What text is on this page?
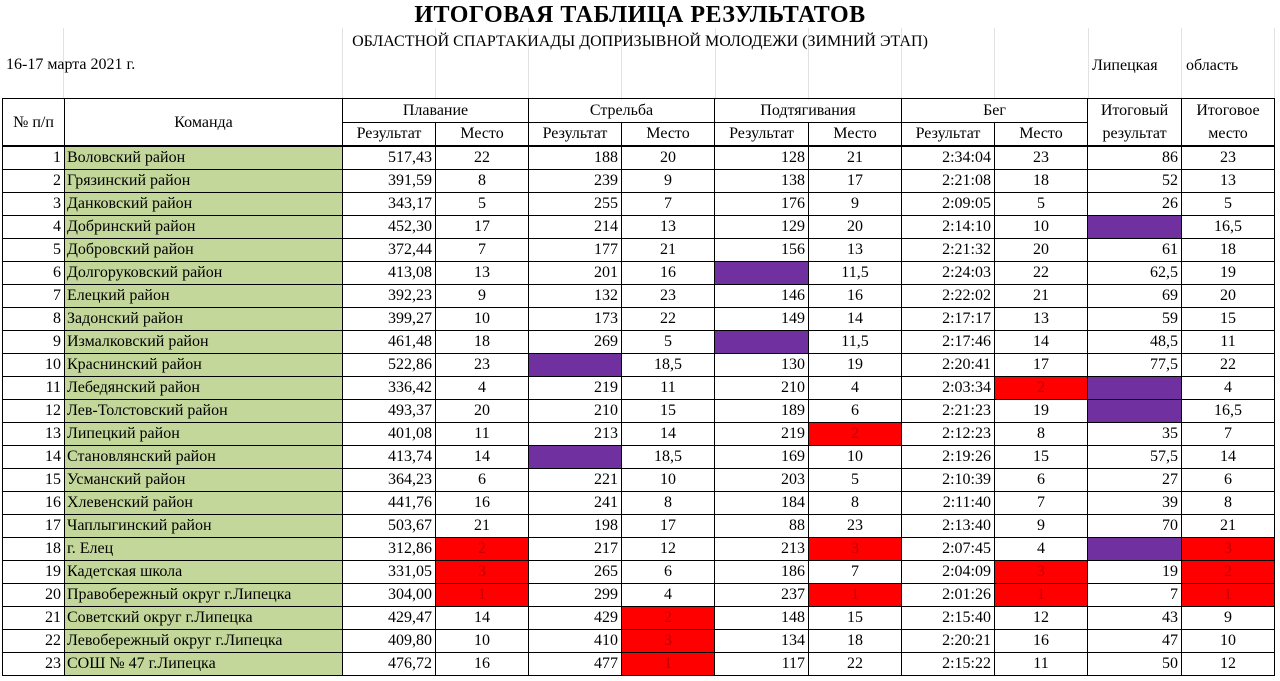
ИТОГОВАЯ ТАБЛИЦА РЕЗУЛЬТАТОВ
ОБЛАСТНОЙ СПАРТАКИАДЫ ДОПРИЗЫВНОЙ МОЛОДЕЖИ (ЗИМНИЙ ЭТАП)
16-17 марта 2021 г.	Липецкая область
№ п/п	Команда	Плавание		Стрельба		Подтягивания		Бег		Итоговый результат	Итоговое место
		Результат	Место	Результат	Место	Результат	Место	Результат	Место		
1	Воловский район	517,43	22	188	20	128	21	2:34:04	23	86	23
2	Грязинский район	391,59	8	239	9	138	17	2:21:08	18	52	13
3	Данковский район	343,17	5	255	7	176	9	2:09:05	5	26	5
4	Добринский район	452,30	17	214	13	129	20	2:14:10	10	60	16,5
5	Добровский район	372,44	7	177	21	156	13	2:21:32	20	61	18
6	Долгоруковский район	413,08	13	201	16	160	11,5	2:24:03	22	62,5	19
7	Елецкий район	392,23	9	132	23	146	16	2:22:02	21	69	20
8	Задонский район	399,27	10	173	22	149	14	2:17:17	13	59	15
9	Измалковский район	461,48	18	269	5	160	11,5	2:17:46	14	48,5	11
10	Краснинский район	522,86	23	190	18,5	130	19	2:20:41	17	77,5	22
11	Лебедянский район	336,42	4	219	11	210	4	2:03:34	2	21	4
12	Лев-Толстовский район	493,37	20	210	15	189	6	2:21:23	19	60	16,5
13	Липецкий район	401,08	11	213	14	219	2	2:12:23	8	35	7
14	Становлянский район	413,74	14	190	18,5	169	10	2:19:26	15	57,5	14
15	Усманский район	364,23	6	221	10	203	5	2:10:39	6	27	6
16	Хлевенский район	441,76	16	241	8	184	8	2:11:40	7	39	8
17	Чаплыгинский район	503,67	21	198	17	88	23	2:13:40	9	70	21
18	г. Елец	312,86	2	217	12	213	3	2:07:45	4	21	3
19	Кадетская школа	331,05	3	265	6	186	7	2:04:09	3	19	2
20	Правобережный округ г.Липецка	304,00	1	299	4	237	1	2:01:26	1	7	1
21	Советский округ г.Липецка	429,47	14	429	2	148	15	2:15:40	12	43	9
22	Левобережный округ г.Липецка	409,80	10	410	3	134	18	2:20:21	16	47	10
23	СОШ № 47 г.Липецка	476,72	16	477	1	117	22	2:15:22	11	50	12
